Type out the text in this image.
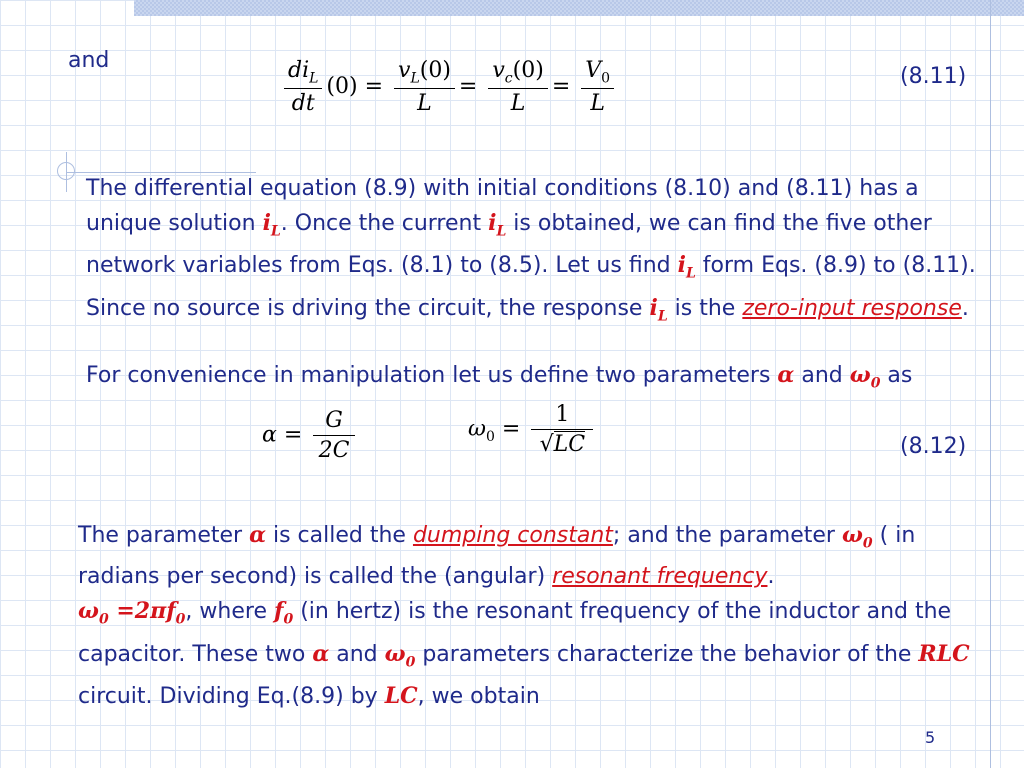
and	$\frac{di_L}{dt} (0) = \frac{v_L(0)}{L} = \frac{v_c(0)}{L} = \frac{V_0}{L}$	(8.11)
The differential equation (8.9) with initial conditions (8.10) and (8.11) has a unique solution $i_L$. Once the current $i_L$ is obtained, we can find the five other network variables from Eqs. (8.1) to (8.5). Let us find $i_L$ form Eqs. (8.9) to (8.11). Since no source is driving the circuit, the response $i_L$ is the zero-input response.
For convenience in manipulation let us define two parameters α and $\omega_0$ as
$\alpha = \frac{G}{2C}$	$\omega_0 = \frac{1}{√LC}$	(8.12)
The parameter α is called the dumping constant; and the parameter $\omega_0$ ( in radians per second) is called the (angular) resonant frequency.
$\omega_0 =2\pi f_0$, where $f_0$ (in hertz) is the resonant frequency of the inductor and the capacitor. These two α and $\omega_0$ parameters characterize the behavior of the RLC circuit. Dividing Eq.(8.9) by LC, we obtain
5
